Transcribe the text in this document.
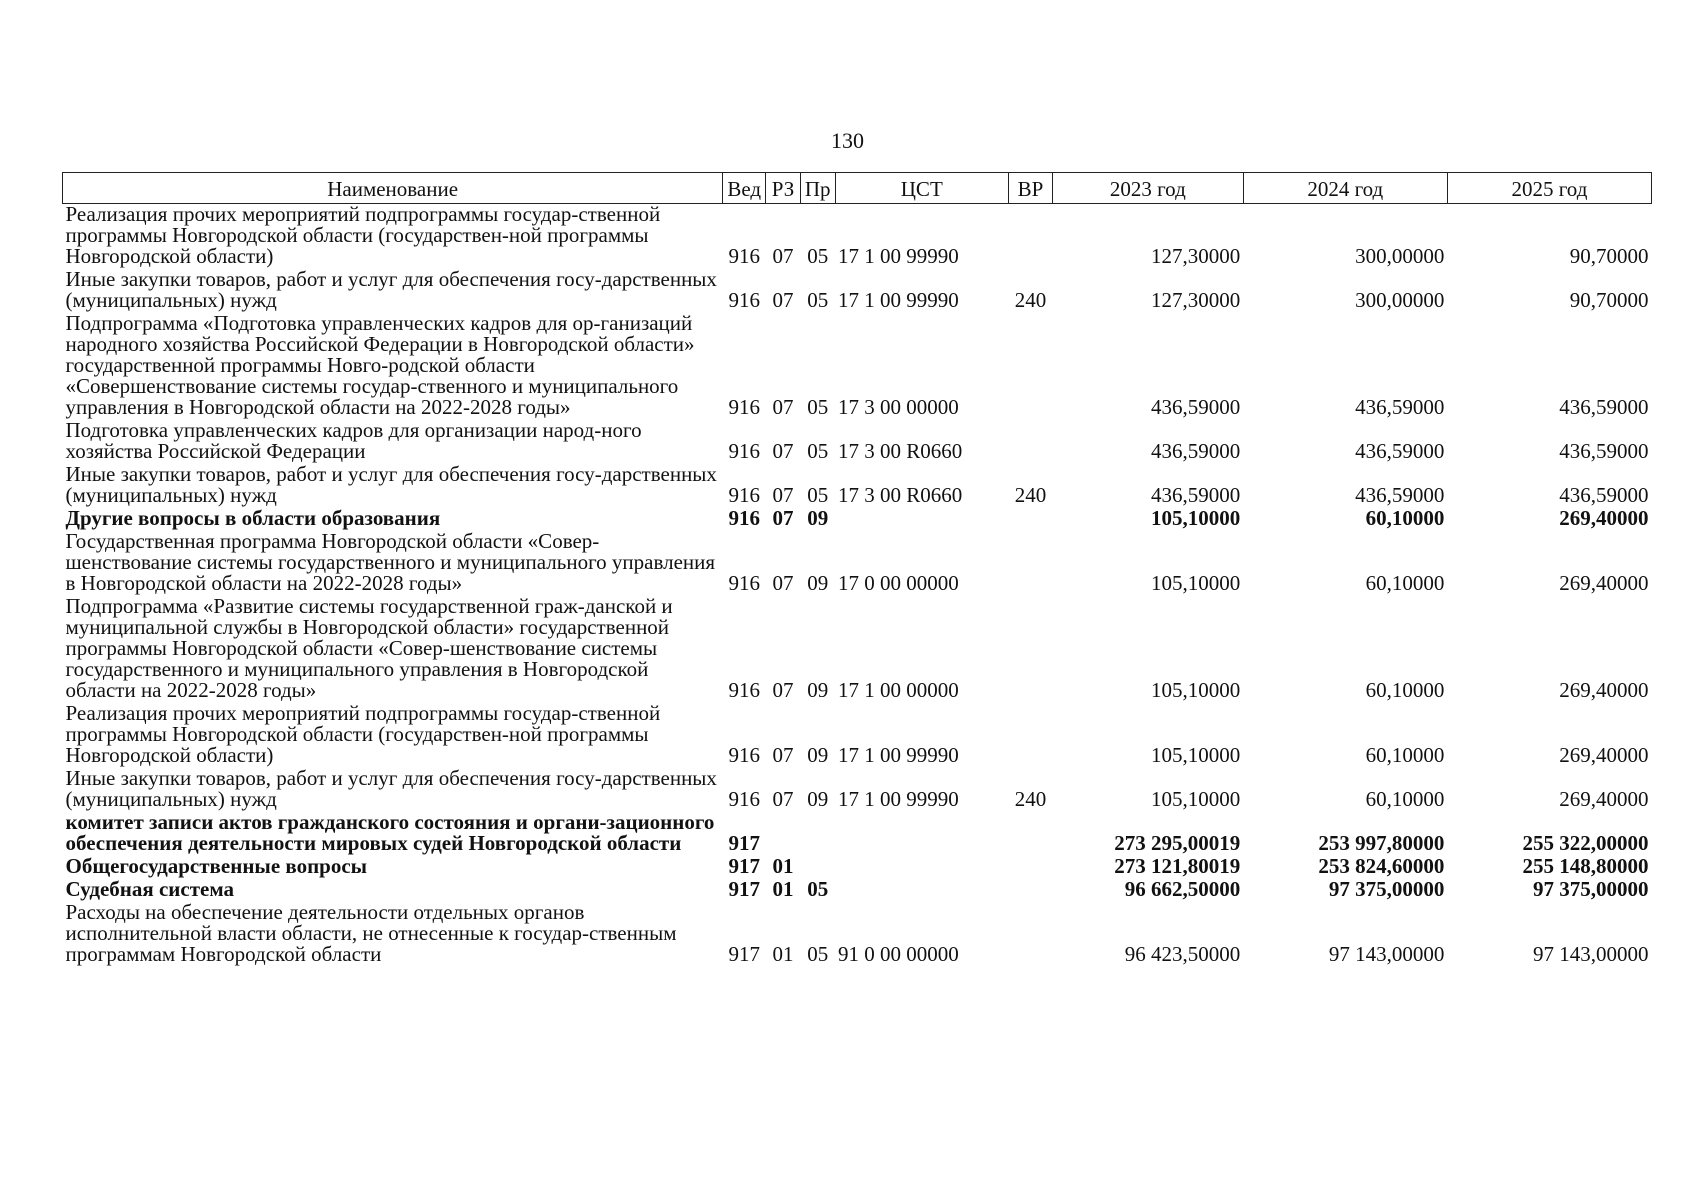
130
Наименование	Вед	РЗ	Пр	ЦСТ	ВР	2023 год	2024 год	2025 год
Реализация прочих мероприятий подпрограммы государ-ственной программы Новгородской области (государствен-ной программы Новгородской области)	916	07	05	17 1 00 99990		127,30000	300,00000	90,70000
Иные закупки товаров, работ и услуг для обеспечения госу-дарственных (муниципальных) нужд	916	07	05	17 1 00 99990	240	127,30000	300,00000	90,70000
Подпрограмма «Подготовка управленческих кадров для ор-ганизаций народного хозяйства Российской Федерации в Новгородской области» государственной программы Новго-родской области «Совершенствование системы государ-ственного и муниципального управления в Новгородской области на 2022-2028 годы»	916	07	05	17 3 00 00000		436,59000	436,59000	436,59000
Подготовка управленческих кадров для организации народ-ного хозяйства Российской Федерации	916	07	05	17 3 00 R0660		436,59000	436,59000	436,59000
Иные закупки товаров, работ и услуг для обеспечения госу-дарственных (муниципальных) нужд	916	07	05	17 3 00 R0660	240	436,59000	436,59000	436,59000
Другие вопросы в области образования	916	07	09			105,10000	60,10000	269,40000
Государственная программа Новгородской области «Совер-шенствование системы государственного и муниципального управления в Новгородской области на 2022-2028 годы»	916	07	09	17 0 00 00000		105,10000	60,10000	269,40000
Подпрограмма «Развитие системы государственной граж-данской и муниципальной службы в Новгородской области» государственной программы Новгородской области «Совер-шенствование системы государственного и муниципального управления в Новгородской области на 2022-2028 годы»	916	07	09	17 1 00 00000		105,10000	60,10000	269,40000
Реализация прочих мероприятий подпрограммы государ-ственной программы Новгородской области (государствен-ной программы Новгородской области)	916	07	09	17 1 00 99990		105,10000	60,10000	269,40000
Иные закупки товаров, работ и услуг для обеспечения госу-дарственных (муниципальных) нужд	916	07	09	17 1 00 99990	240	105,10000	60,10000	269,40000
комитет записи актов гражданского состояния и органи-зационного обеспечения деятельности мировых судей Новгородской области	917					273 295,00019	253 997,80000	255 322,00000
Общегосударственные вопросы	917	01				273 121,80019	253 824,60000	255 148,80000
Судебная система	917	01	05			96 662,50000	97 375,00000	97 375,00000
Расходы на обеспечение деятельности отдельных органов исполнительной власти области, не отнесенные к государ-ственным программам Новгородской области	917	01	05	91 0 00 00000		96 423,50000	97 143,00000	97 143,00000
